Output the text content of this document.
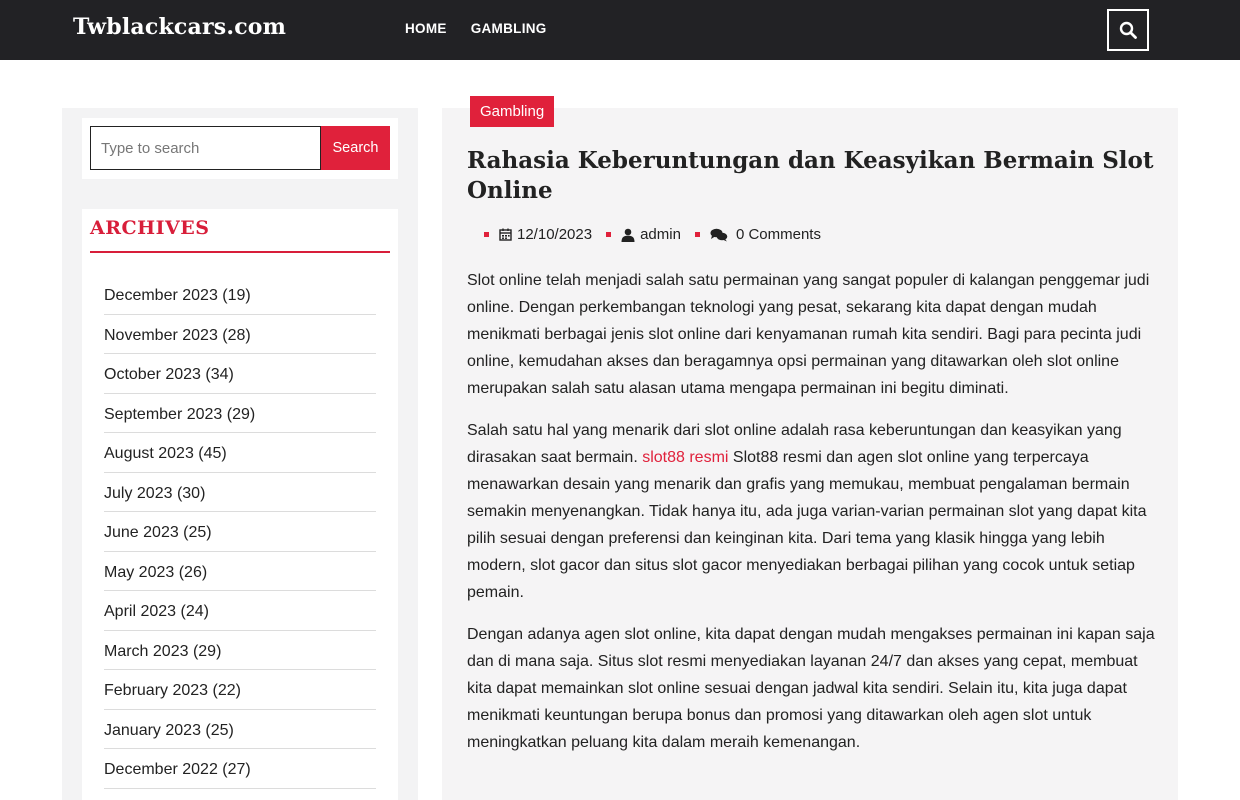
Twblackcars.com	HOME GAMBLING
Type to search
Search
ARCHIVES
December 2023 (19)
November 2023 (28)
October 2023 (34)
September 2023 (29)
August 2023 (45)
July 2023 (30)
June 2023 (25)
May 2023 (26)
April 2023 (24)
March 2023 (29)
February 2023 (22)
January 2023 (25)
December 2022 (27)
Gambling
Rahasia Keberuntungan dan Keasyikan Bermain Slot Online
12/10/2023	admin	0 Comments

Slot online telah menjadi salah satu permainan yang sangat populer di kalangan penggemar judi online. Dengan perkembangan teknologi yang pesat, sekarang kita dapat dengan mudah menikmati berbagai jenis slot online dari kenyamanan rumah kita sendiri. Bagi para pecinta judi online, kemudahan akses dan beragamnya opsi permainan yang ditawarkan oleh slot online merupakan salah satu alasan utama mengapa permainan ini begitu diminati.

Salah satu hal yang menarik dari slot online adalah rasa keberuntungan dan keasyikan yang dirasakan saat bermain. slot88 resmi Slot88 resmi dan agen slot online yang terpercaya menawarkan desain yang menarik dan grafis yang memukau, membuat pengalaman bermain semakin menyenangkan. Tidak hanya itu, ada juga varian-varian permainan slot yang dapat kita pilih sesuai dengan preferensi dan keinginan kita. Dari tema yang klasik hingga yang lebih modern, slot gacor dan situs slot gacor menyediakan berbagai pilihan yang cocok untuk setiap pemain.

Dengan adanya agen slot online, kita dapat dengan mudah mengakses permainan ini kapan saja dan di mana saja. Situs slot resmi menyediakan layanan 24/7 dan akses yang cepat, membuat kita dapat memainkan slot online sesuai dengan jadwal kita sendiri. Selain itu, kita juga dapat menikmati keuntungan berupa bonus dan promosi yang ditawarkan oleh agen slot untuk meningkatkan peluang kita dalam meraih kemenangan.
